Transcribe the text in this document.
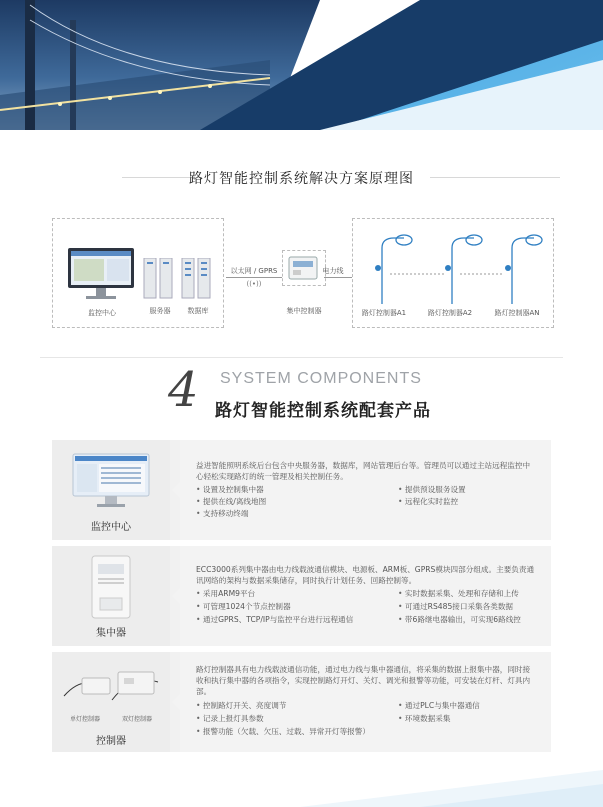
路灯智能控制系统解决方案原理图
监控中心	服务器	数据库
以太网 / GPRS
((•))
集中控制器
电力线
路灯控制器A1	路灯控制器A2	路灯控制器AN
4 SYSTEM COMPONENTS
路灯智能控制系统配套产品
监控中心
益进智能照明系统后台包含中央服务器，数据库，网站管理后台等。管理员可以通过主站远程监控中心轻松实现路灯的统一管理及相关控制任务。
• 设置及控制集中器	• 提供预设服务设置
• 提供在线/离线地图	• 远程化实时监控
• 支持移动终端
集中器
ECC3000系列集中器由电力线载波通信模块、电源板、ARM板、GPRS模块四部分组成。主要负责通讯网络的架构与数据采集储存，同时执行计划任务、回路控制等。
• 采用ARM9平台	• 实时数据采集、处理和存储和上传
• 可管理1024个节点控制器	• 可通过RS485接口采集各类数据
• 通过GPRS、TCP/IP与监控平台进行远程通信	• 带6路继电器输出，可实现6路线控
单灯控制器	双灯控制器
控制器
路灯控制器具有电力线载波通信功能，通过电力线与集中器通信，将采集的数据上报集中器，同时接收和执行集中器的各项指令，实现控制路灯开灯、关灯、调光和报警等功能，可安装在灯杆、灯具内部。
• 控制路灯开关、亮度调节	• 通过PLC与集中器通信
• 记录上报灯具参数	• 环境数据采集
• 报警功能（欠载、欠压、过载、异常开灯等报警）
